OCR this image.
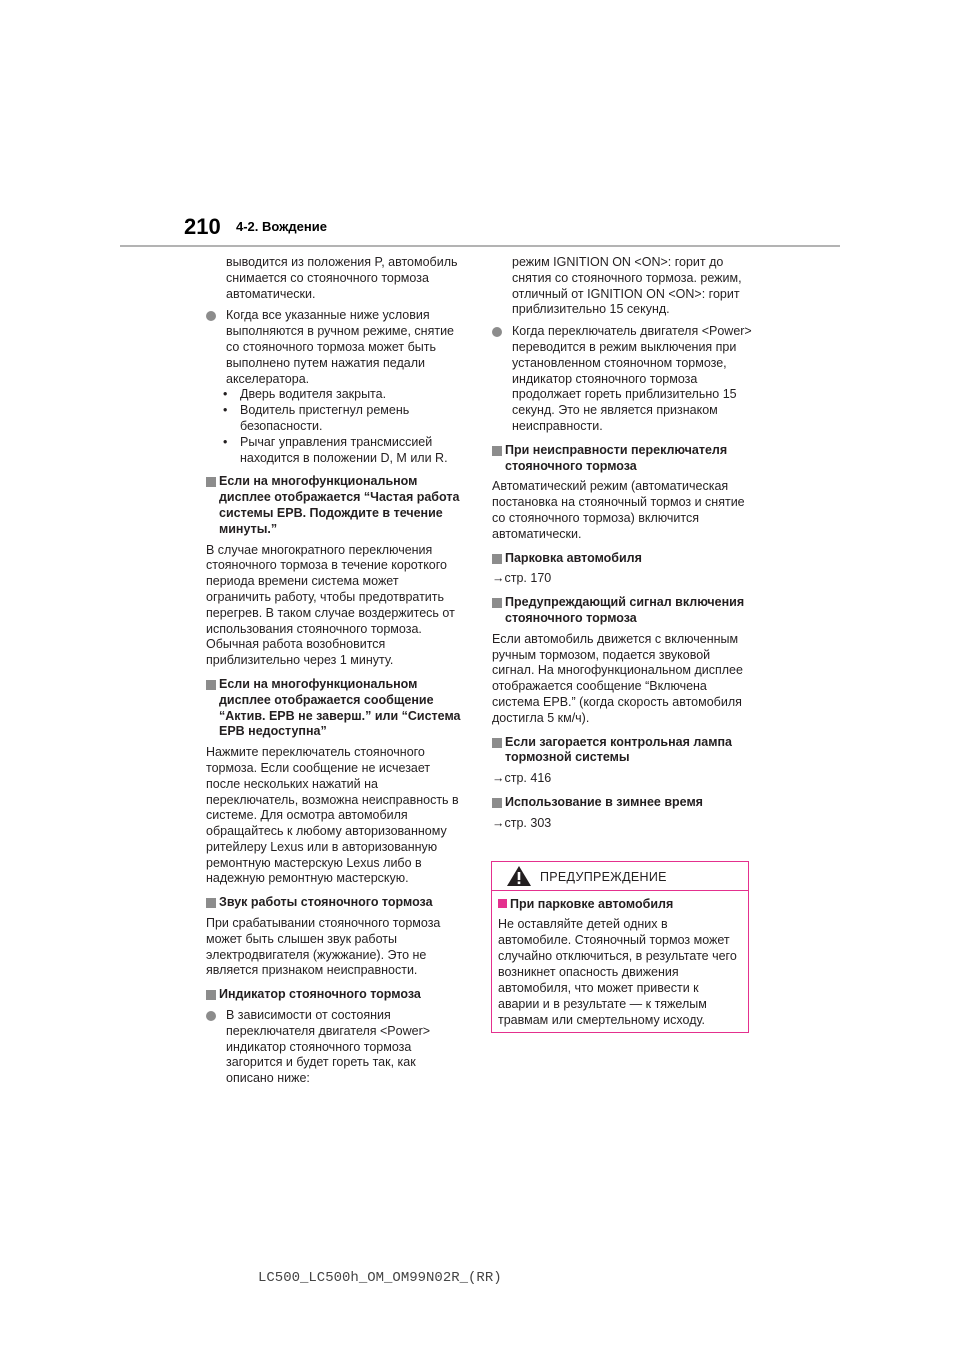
210 4-2. Вождение

выводится из положения P, автомобиль снимается со стояночного тормоза автоматически.

Когда все указанные ниже условия выполняются в ручном режиме, снятие со стояночного тормоза может быть выполнено путем нажатия педали акселератора.
• Дверь водителя закрыта.
• Водитель пристегнул ремень безопасности.
• Рычаг управления трансмиссией находится в положении D, M или R.
Если на многофункциональном дисплее отображается “Частая работа системы EPB. Подождите в течение минуты.”

В случае многократного переключения стояночного тормоза в течение короткого периода времени система может ограничить работу, чтобы предотвратить перегрев. В таком случае воздержитесь от использования стояночного тормоза. Обычная работа возобновится приблизительно через 1 минуту.

Если на многофункциональном дисплее отображается сообщение “Актив. EPB не заверш.” или “Система EPB недоступна”

Нажмите переключатель стояночного тормоза. Если сообщение не исчезает после нескольких нажатий на переключатель, возможна неисправность в системе. Для осмотра автомобиля обращайтесь к любому авторизованному ритейлеру Lexus или в авторизованную ремонтную мастерскую Lexus либо в надежную ремонтную мастерскую.

Звук работы стояночного тормоза

При срабатывании стояночного тормоза может быть слышен звук работы электродвигателя (жужжание). Это не является признаком неисправности.

Индикатор стояночного тормоза
В зависимости от состояния переключателя двигателя <Power> индикатор стояночного тормоза загорится и будет гореть так, как описано ниже:

режим IGNITION ON <ON>: горит до снятия со стояночного тормоза. режим, отличный от IGNITION ON <ON>: горит приблизительно 15 секунд.

Когда переключатель двигателя <Power> переводится в режим выключения при установленном стояночном тормозе, индикатор стояночного тормоза продолжает гореть приблизительно 15 секунд. Это не является признаком неисправности.
При неисправности переключателя стояночного тормоза

Автоматический режим (автоматическая постановка на стояночный тормоз и снятие со стояночного тормоза) включится автоматически.

Парковка автомобиля

→стр. 170

Предупреждающий сигнал включения стояночного тормоза

Если автомобиль движется с включенным ручным тормозом, подается звуковой сигнал. На многофункциональном дисплее отображается сообщение “Включена система EPB.” (когда скорость автомобиля достигла 5 км/ч).

Если загорается контрольная лампа тормозной системы

→стр. 416

Использование в зимнее время

→стр. 303

ПРЕДУПРЕЖДЕНИЕ
При парковке автомобиля
Не оставляйте детей одних в автомобиле. Стояночный тормоз может случайно отключиться, в результате чего возникнет опасность движения автомобиля, что может привести к аварии и в результате — к тяжелым травмам или смертельному исходу.
LC500_LC500h_OM_OM99N02R_(RR)
